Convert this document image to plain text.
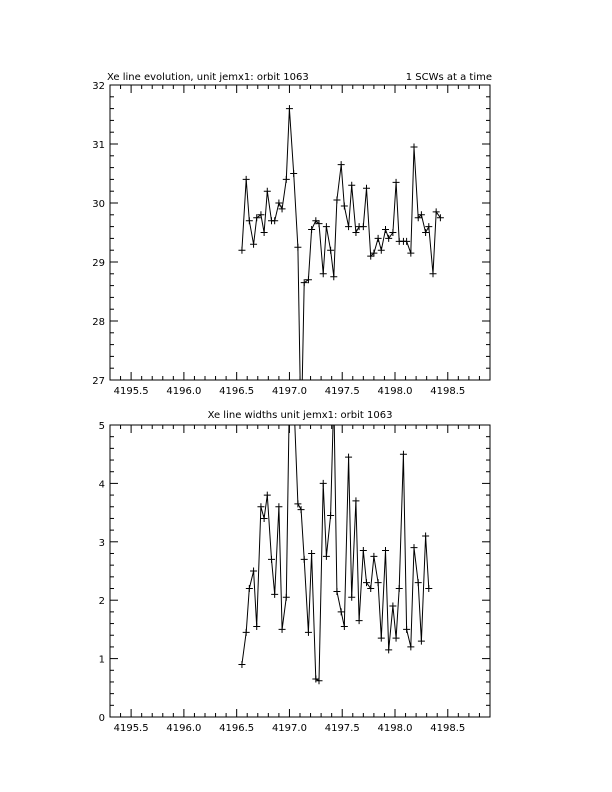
Xe line evolution, unit jemx1: orbit 1063	1 SCWs at a time
4195.5 4196.0 4196.5 4197.0 4197.5 4198.0 4198.5
27
28
29
30
31
32
Xe line widths unit jemx1: orbit 1063
4195.5 4196.0 4196.5 4197.0 4197.5 4198.0 4198.5
0
1
2
3
4
5
